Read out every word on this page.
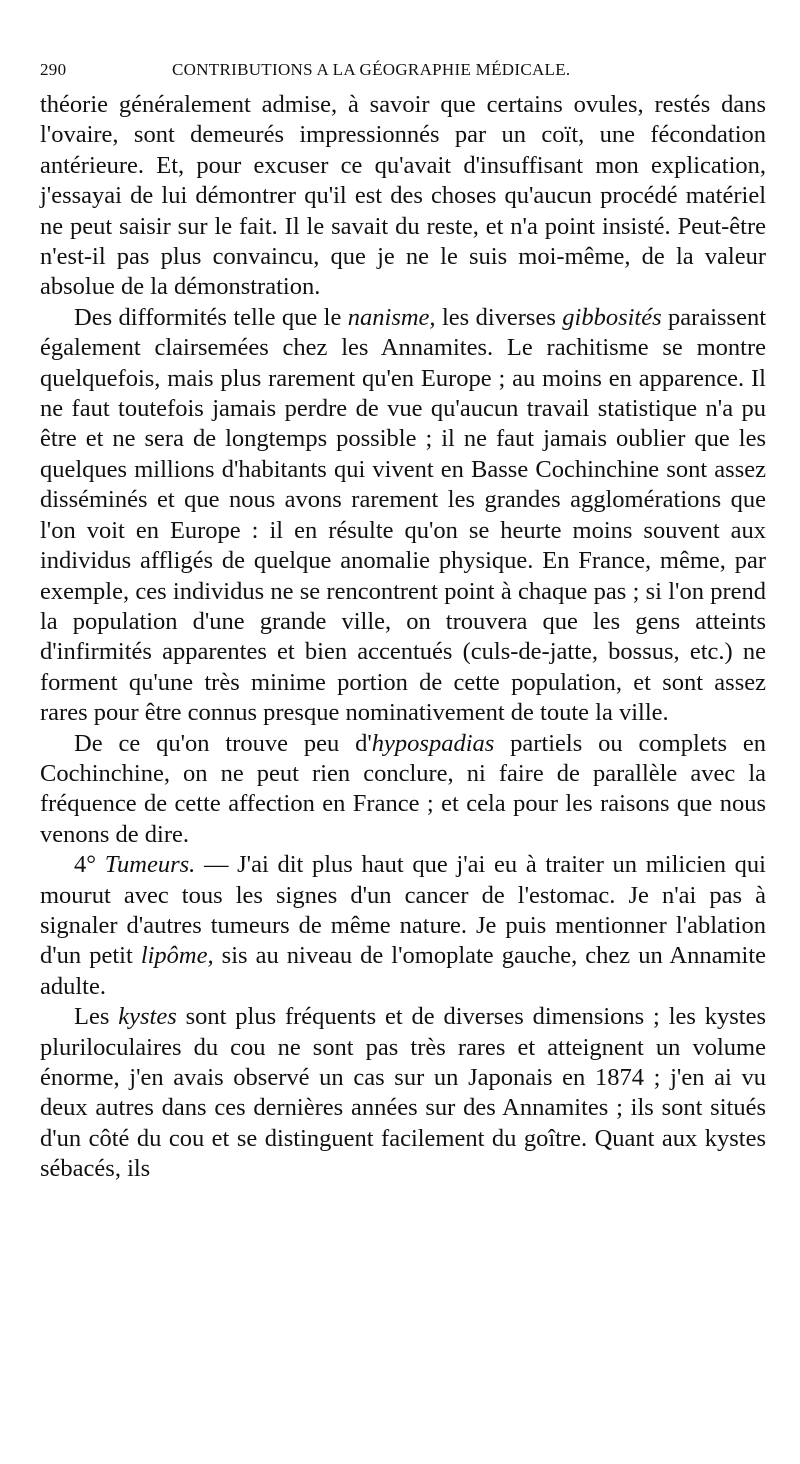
290	CONTRIBUTIONS A LA GÉOGRAPHIE MÉDICALE.

théorie généralement admise, à savoir que certains ovules, restés dans l'ovaire, sont demeurés impressionnés par un coït, une fécondation antérieure. Et, pour excuser ce qu'avait d'insuffisant mon explication, j'essayai de lui démontrer qu'il est des choses qu'aucun procédé matériel ne peut saisir sur le fait. Il le savait du reste, et n'a point insisté. Peut-être n'est-il pas plus convaincu, que je ne le suis moi-même, de la valeur absolue de la démonstration.

Des difformités telle que le nanisme, les diverses gibbosités paraissent également clairsemées chez les Annamites. Le rachitisme se montre quelquefois, mais plus rarement qu'en Europe ; au moins en apparence. Il ne faut toutefois jamais perdre de vue qu'aucun travail statistique n'a pu être et ne sera de longtemps possible ; il ne faut jamais oublier que les quelques millions d'habitants qui vivent en Basse Cochinchine sont assez disséminés et que nous avons rarement les grandes agglomérations que l'on voit en Europe : il en résulte qu'on se heurte moins souvent aux individus affligés de quelque anomalie physique. En France, même, par exemple, ces individus ne se rencontrent point à chaque pas ; si l'on prend la population d'une grande ville, on trouvera que les gens atteints d'infirmités apparentes et bien accentués (culs-de-jatte, bossus, etc.) ne forment qu'une très minime portion de cette population, et sont assez rares pour être connus presque nominativement de toute la ville.

De ce qu'on trouve peu d'hypospadias partiels ou complets en Cochinchine, on ne peut rien conclure, ni faire de parallèle avec la fréquence de cette affection en France ; et cela pour les raisons que nous venons de dire.

4° Tumeurs. — J'ai dit plus haut que j'ai eu à traiter un milicien qui mourut avec tous les signes d'un cancer de l'estomac. Je n'ai pas à signaler d'autres tumeurs de même nature. Je puis mentionner l'ablation d'un petit lipôme, sis au niveau de l'omoplate gauche, chez un Annamite adulte.

Les kystes sont plus fréquents et de diverses dimensions ; les kystes pluriloculaires du cou ne sont pas très rares et atteignent un volume énorme, j'en avais observé un cas sur un Japonais en 1874 ; j'en ai vu deux autres dans ces dernières années sur des Annamites ; ils sont situés d'un côté du cou et se distinguent facilement du goître. Quant aux kystes sébacés, ils
